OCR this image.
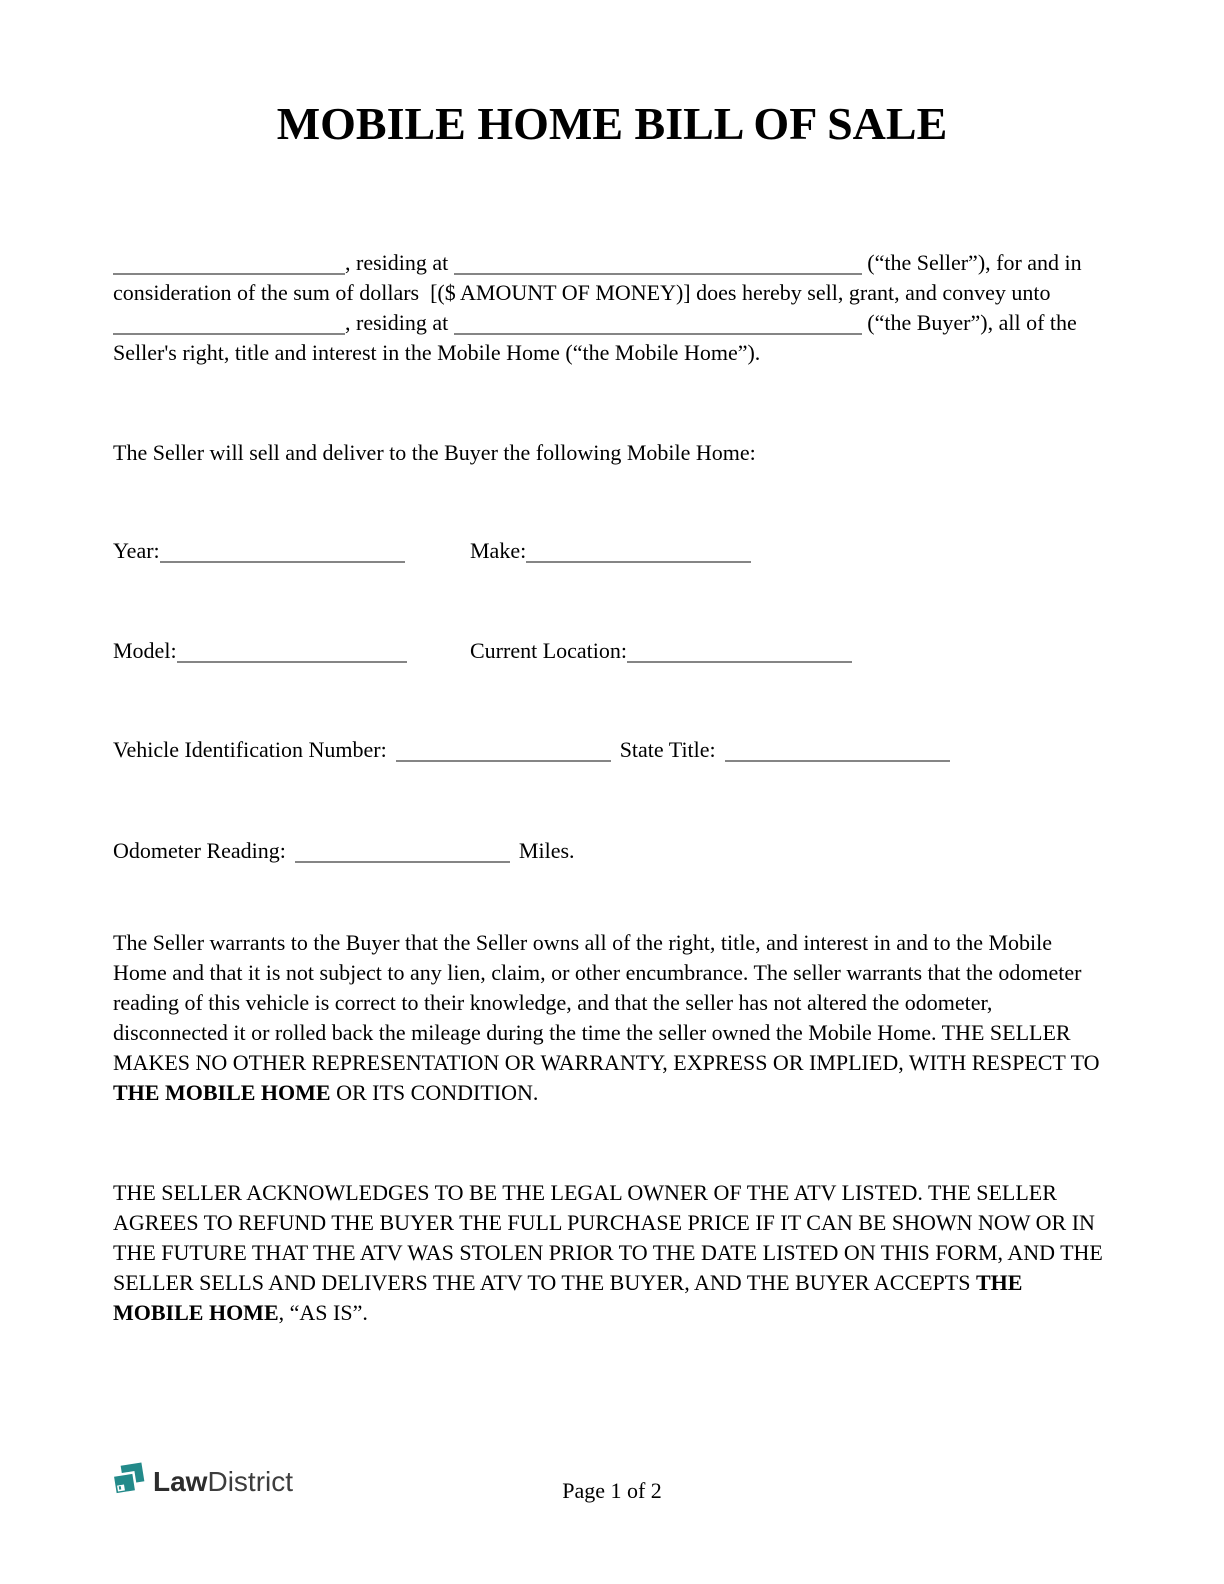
MOBILE HOME BILL OF SALE

, residing at	(“the Seller”), for and in consideration of the sum of dollars  [($ AMOUNT OF MONEY)] does hereby sell, grant, and convey unto , residing at	(“the Buyer”), all of the Seller's right, title and interest in the Mobile Home (“the Mobile Home”).

The Seller will sell and deliver to the Buyer the following Mobile Home:

Year:	Make:
Model:	Current Location:
Vehicle Identification Number:	State Title:
Odometer Reading:	Miles.

The Seller warrants to the Buyer that the Seller owns all of the right, title, and interest in and to the Mobile Home and that it is not subject to any lien, claim, or other encumbrance. The seller warrants that the odometer reading of this vehicle is correct to their knowledge, and that the seller has not altered the odometer, disconnected it or rolled back the mileage during the time the seller owned the Mobile Home. THE SELLER MAKES NO OTHER REPRESENTATION OR WARRANTY, EXPRESS OR IMPLIED, WITH RESPECT TO THE MOBILE HOME OR ITS CONDITION.

THE SELLER ACKNOWLEDGES TO BE THE LEGAL OWNER OF THE ATV LISTED. THE SELLER AGREES TO REFUND THE BUYER THE FULL PURCHASE PRICE IF IT CAN BE SHOWN NOW OR IN THE FUTURE THAT THE ATV WAS STOLEN PRIOR TO THE DATE LISTED ON THIS FORM, AND THE SELLER SELLS AND DELIVERS THE ATV TO THE BUYER, AND THE BUYER ACCEPTS THE MOBILE HOME, “AS IS”.

Law District	Page 1 of 2
